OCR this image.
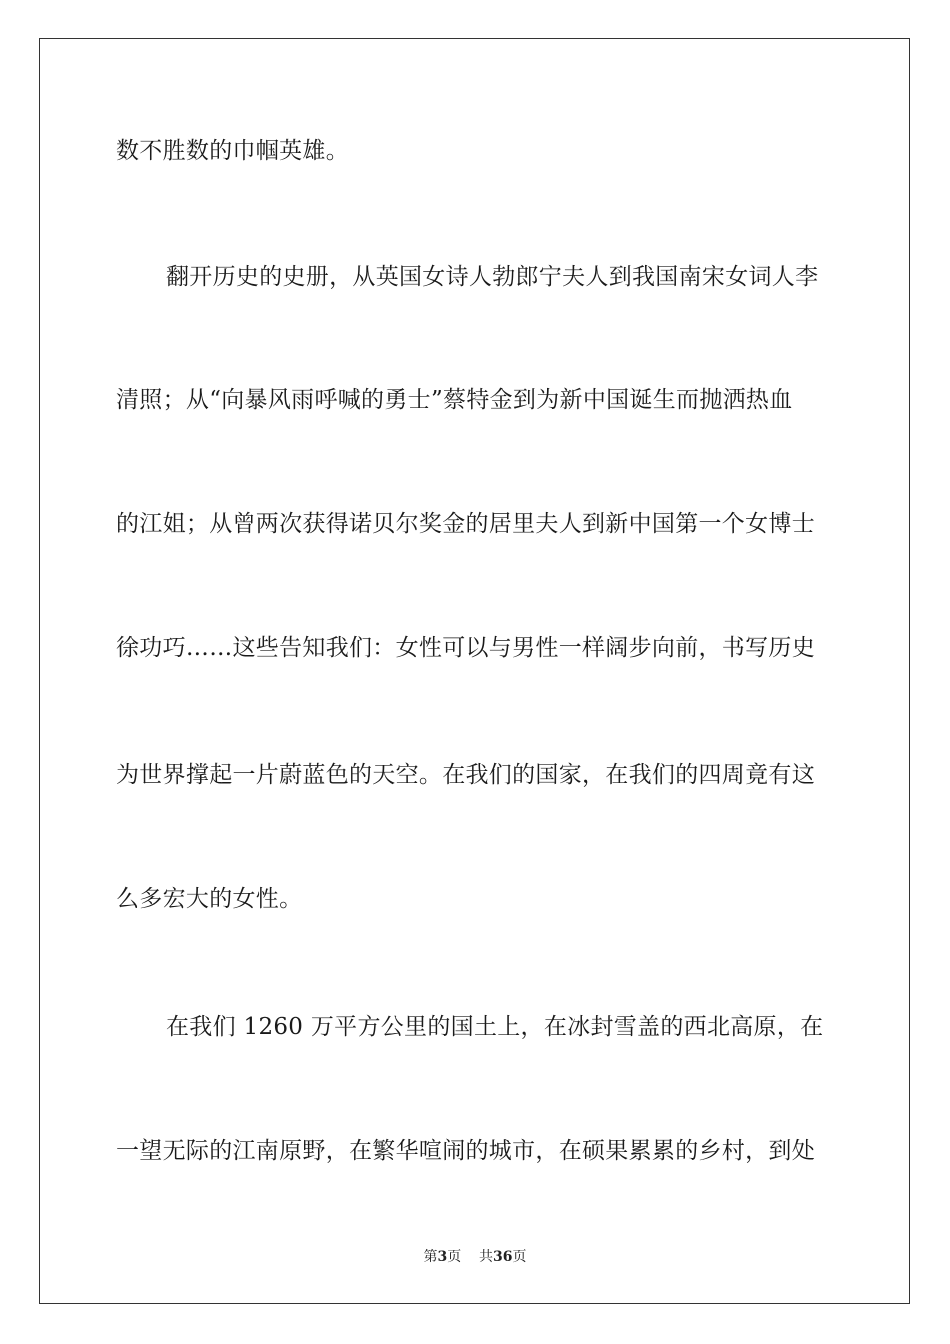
数不胜数的巾帼英雄。
翻开历史的史册，从英国女诗人勃郎宁夫人到我国南宋女词人李
清照；从“向暴风雨呼喊的勇士”蔡特金到为新中国诞生而抛洒热血
的江姐；从曾两次获得诺贝尔奖金的居里夫人到新中国第一个女博士
徐功巧……这些告知我们：女性可以与男性一样阔步向前，书写历史
为世界撑起一片蔚蓝色的天空。在我们的国家，在我们的四周竟有这
么多宏大的女性。
在我们 1260 万平方公里的国土上，在冰封雪盖的西北高原，在
一望无际的江南原野，在繁华喧闹的城市，在硕果累累的乡村，到处
第3页 共36页
